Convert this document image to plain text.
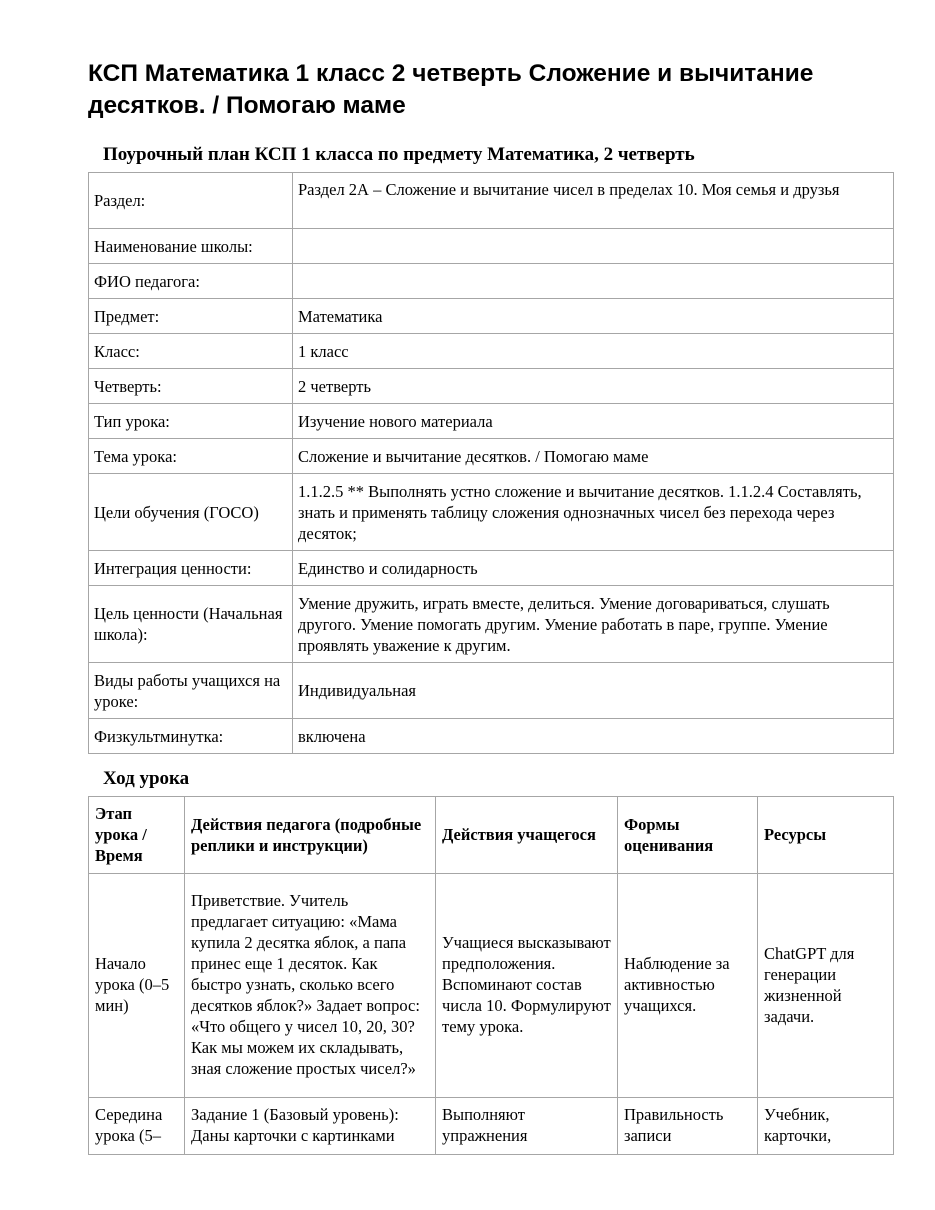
КСП Математика 1 класс 2 четверть Сложение и вычитание десятков. / Помогаю маме
Поурочный план КСП 1 класса по предмету Математика, 2 четверть
Раздел:	Раздел 2А – Сложение и вычитание чисел в пределах 10. Моя семья и друзья
Наименование школы:	
ФИО педагога:	
Предмет:	Математика
Класс:	1 класс
Четверть:	2 четверть
Тип урока:	Изучение нового материала
Тема урока:	Сложение и вычитание десятков. / Помогаю маме
Цели обучения (ГОСО)	1.1.2.5 ** Выполнять устно сложение и вычитание десятков. 1.1.2.4 Составлять, знать и применять таблицу сложения однозначных чисел без перехода через десяток;
Интеграция ценности:	Единство и солидарность
Цель ценности (Начальная школа):	Умение дружить, играть вместе, делиться. Умение договариваться, слушать другого. Умение помогать другим. Умение работать в паре, группе. Умение проявлять уважение к другим.
Виды работы учащихся на уроке:	Индивидуальная
Физкультминутка:	включена
Ход урока
Этап урока / Время	Действия педагога (подробные реплики и инструкции)	Действия учащегося	Формы оценивания	Ресурсы
Начало урока (0–5 мин)	Приветствие. Учитель предлагает ситуацию: «Мама купила 2 десятка яблок, а папа принес еще 1 десяток. Как быстро узнать, сколько всего десятков яблок?» Задает вопрос: «Что общего у чисел 10, 20, 30? Как мы можем их складывать, зная сложение простых чисел?»	Учащиеся высказывают предположения. Вспоминают состав числа 10. Формулируют тему урока.	Наблюдение за активностью учащихся.	ChatGPT для генерации жизненной задачи.
Середина урока (5–	Задание 1 (Базовый уровень): Даны карточки с картинками	Выполняют упражнения	Правильность записи	Учебник, карточки,
